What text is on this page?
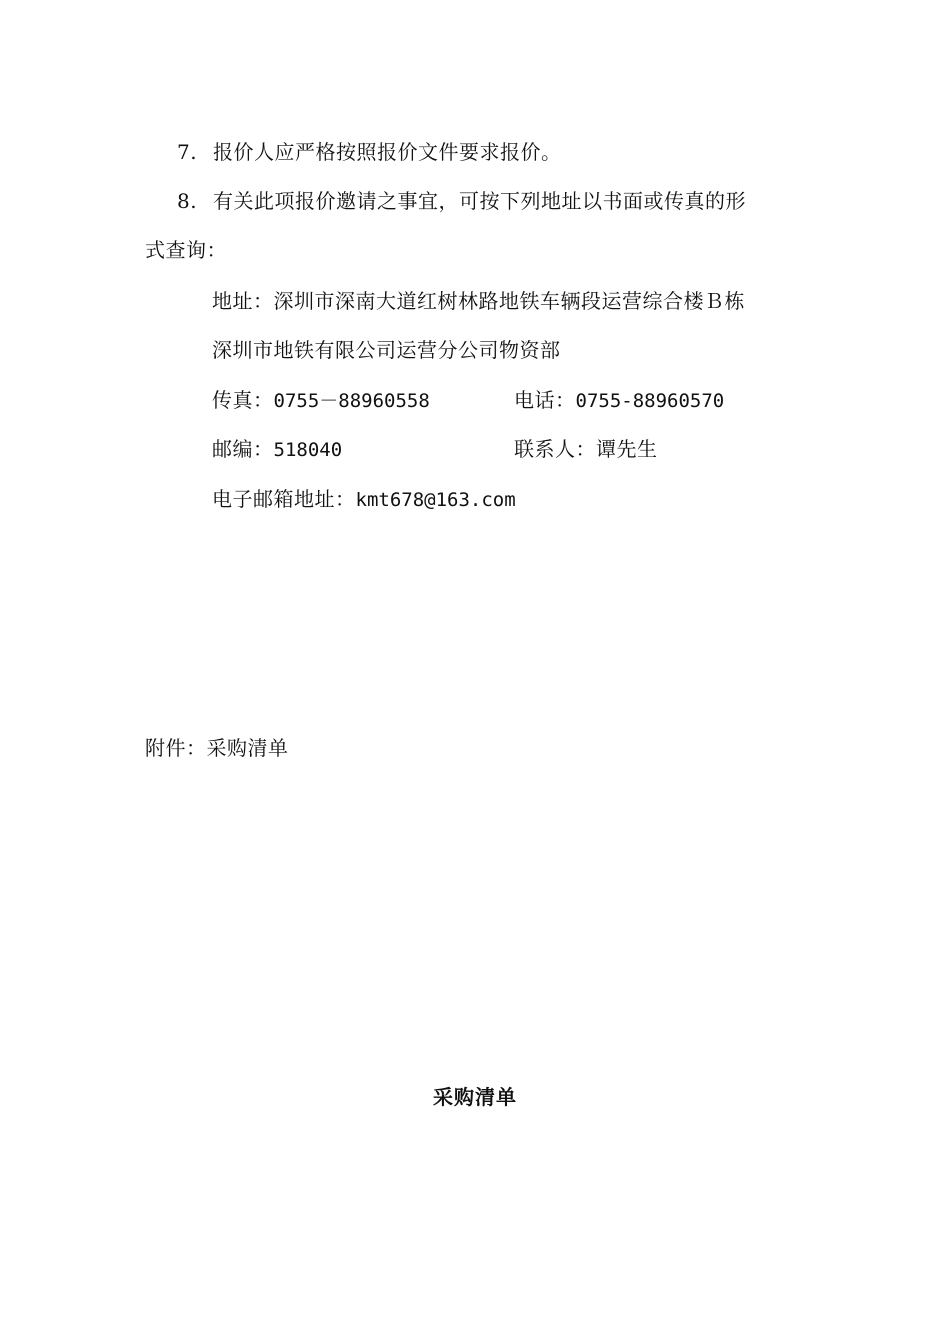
7. 报价人应严格按照报价文件要求报价。
8. 有关此项报价邀请之事宜，可按下列地址以书面或传真的形
式查询：
地址：深圳市深南大道红树林路地铁车辆段运营综合楼Ｂ栋
深圳市地铁有限公司运营分公司物资部
传真：0755－88960558	电话：0755-88960570
邮编：518040	联系人：谭先生
电子邮箱地址：kmt678@163.com
附件：采购清单
采购清单
